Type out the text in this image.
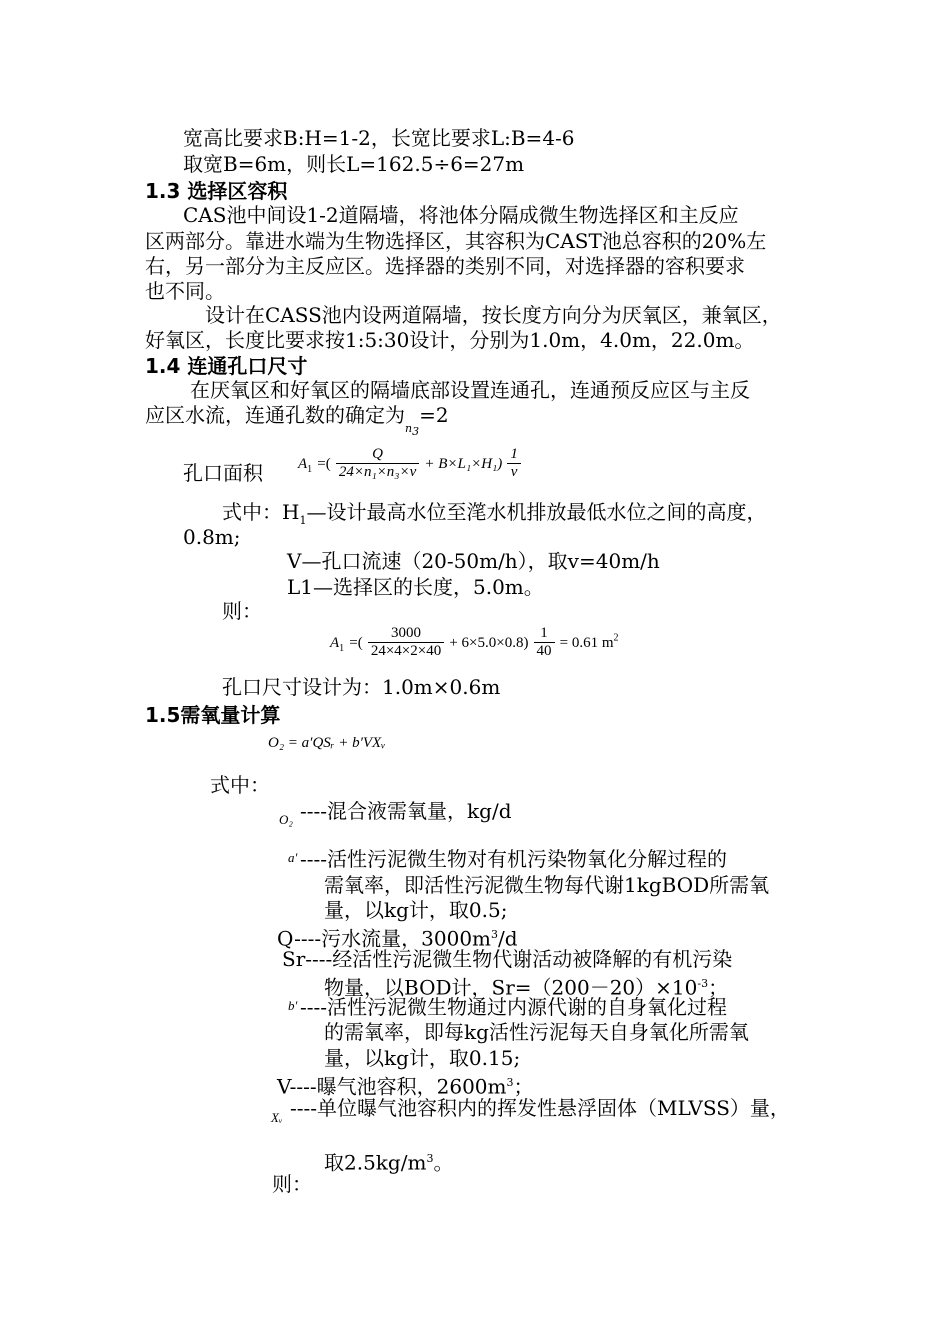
宽高比要求B:H=1-2，长宽比要求L:B=4-6
取宽B=6m，则长L=162.5÷6=27m
1.3 选择区容积
CAS池中间设1-2道隔墙，将池体分隔成微生物选择区和主反应
区两部分。靠进水端为生物选择区，其容积为CAST池总容积的20%左
右，另一部分为主反应区。选择器的类别不同，对选择器的容积要求
也不同。
设计在CASS池内设两道隔墙，按长度方向分为厌氧区，兼氧区，
好氧区，长度比要求按1:5:30设计，分别为1.0m，4.0m，22.0m。
1.4 连通孔口尺寸
在厌氧区和好氧区的隔墙底部设置连通孔，连通预反应区与主反
应区水流，连通孔数的确定为$_{n_3}$=2
孔口面积 $A_1$ =( $\frac{Q}{\text{24×n₁×n₃×v}} + B\times L_1\times H_1) \frac{1}{v}$
式中：$H_1—$设计最高水位至滗水机排放最低水位之间的高度，
0.8m;
V—孔口流速（20-50m/h），取v=40m/h
L1—选择区的长度，5.0m。
则：
$A_1$ =( $\frac{3000}{24\times 4\times 2\times 40} + 6\times 5.0\times 0.8) \frac{1}{40} = 0.61$ $m^2$
孔口尺寸设计为：1.0m×0.6m
1.5需氧量计算
O₂ = a′QSᵣ + b′VXᵥ
式中：
O₂ ----混合液需氧量，kg/d
a′ ----活性污泥微生物对有机污染物氧化分解过程的
需氧率，即活性污泥微生物每代谢1kgBOD所需氧
量，以kg计，取0.5;
Q----污水流量，$3000m^3/d$
Sr----经活性污泥微生物代谢活动被降解的有机污染
物量，以BOD计，$Sr=(200-20)\times 10^{-3}$；
b′ ----活性污泥微生物通过内源代谢的自身氧化过程
的需氧率，即每kg活性污泥每天自身氧化所需氧
量，以kg计，取0.15;
V----曝气池容积，$2600m^3$；
Xᵥ ----单位曝气池容积内的挥发性悬浮固体（MLVSS）量，
取$2.5kg/m^3$。
则：
